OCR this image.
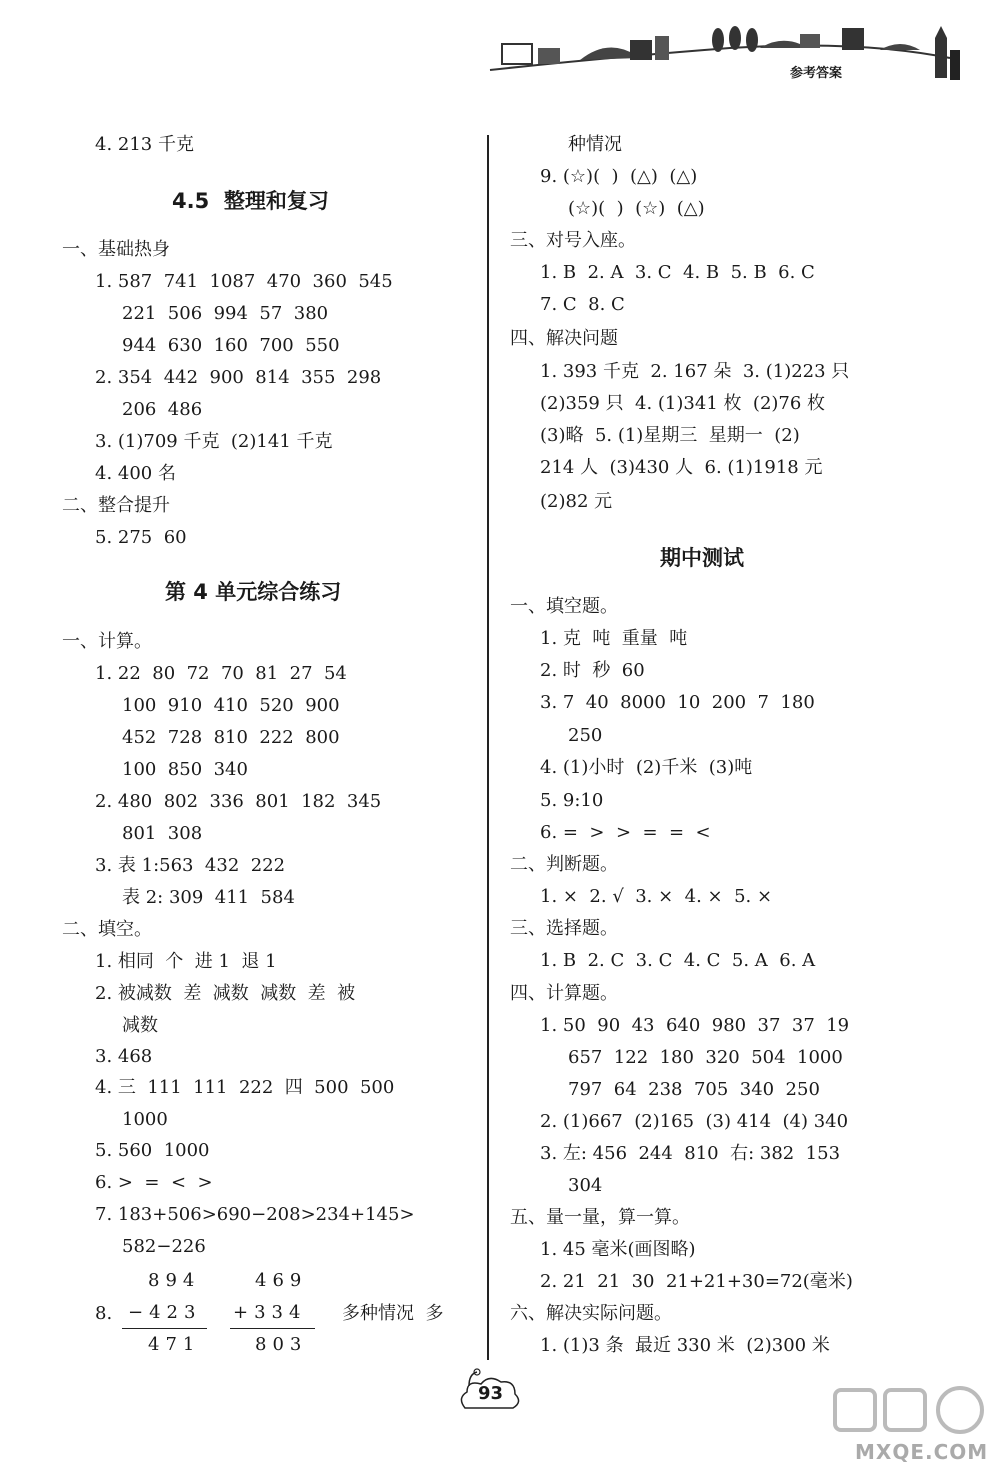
参考答案
4. 213 千克
4.5  整理和复习
一、基础热身
1. 587  741  1087  470  360  545
221  506  994  57  380
944  630  160  700  550
2. 354  442  900  814  355  298
206  486
3. (1)709 千克  (2)141 千克
4. 400 名
二、整合提升
5. 275  60
第 4 单元综合练习
一、计算。
1. 22  80  72  70  81  27  54
100  910  410  520  900
452  728  810  222  800
100  850  340
2. 480  802  336  801  182  345
801  308
3. 表 1:563  432  222
表 2: 309  411  584
二、填空。
1. 相同  个  进 1  退 1
2. 被减数  差  减数  减数  差  被
减数
3. 468
4. 三  111  111  222  四  500  500
1000
5. 560  1000
6. >  =  <  >
7. 183+506>690−208>234+145>
582−226
894
8. −423
471
469
+334
803
多种情况  多
种情况
9. (☆)(  )  (△)  (△)
(☆)(  )  (☆)  (△)
三、对号入座。
1. B  2. A  3. C  4. B  5. B  6. C
7. C  8. C
四、解决问题
1. 393 千克  2. 167 朵  3. (1)223 只
(2)359 只  4. (1)341 枚  (2)76 枚
(3)略  5. (1)星期三  星期一  (2)
214 人  (3)430 人  6. (1)1918 元
(2)82 元
期中测试
一、填空题。
1. 克  吨  重量  吨
2. 时  秒  60
3. 7  40  8000  10  200  7  180
250
4. (1)小时  (2)千米  (3)吨
5. 9:10
6. =  >  >  =  =  <
二、判断题。
1. ×  2. √  3. ×  4. ×  5. ×
三、选择题。
1. B  2. C  3. C  4. C  5. A  6. A
四、计算题。
1. 50  90  43  640  980  37  37  19
657  122  180  320  504  1000
797  64  238  705  340  250
2. (1)667  (2)165  (3) 414  (4) 340
3. 左: 456  244  810  右: 382  153
304
五、量一量，算一算。
1. 45 毫米(画图略)
2. 21  21  30  21+21+30=72(毫米)
六、解决实际问题。
1. (1)3 条  最近 330 米  (2)300 米
93
MXQE.COM
